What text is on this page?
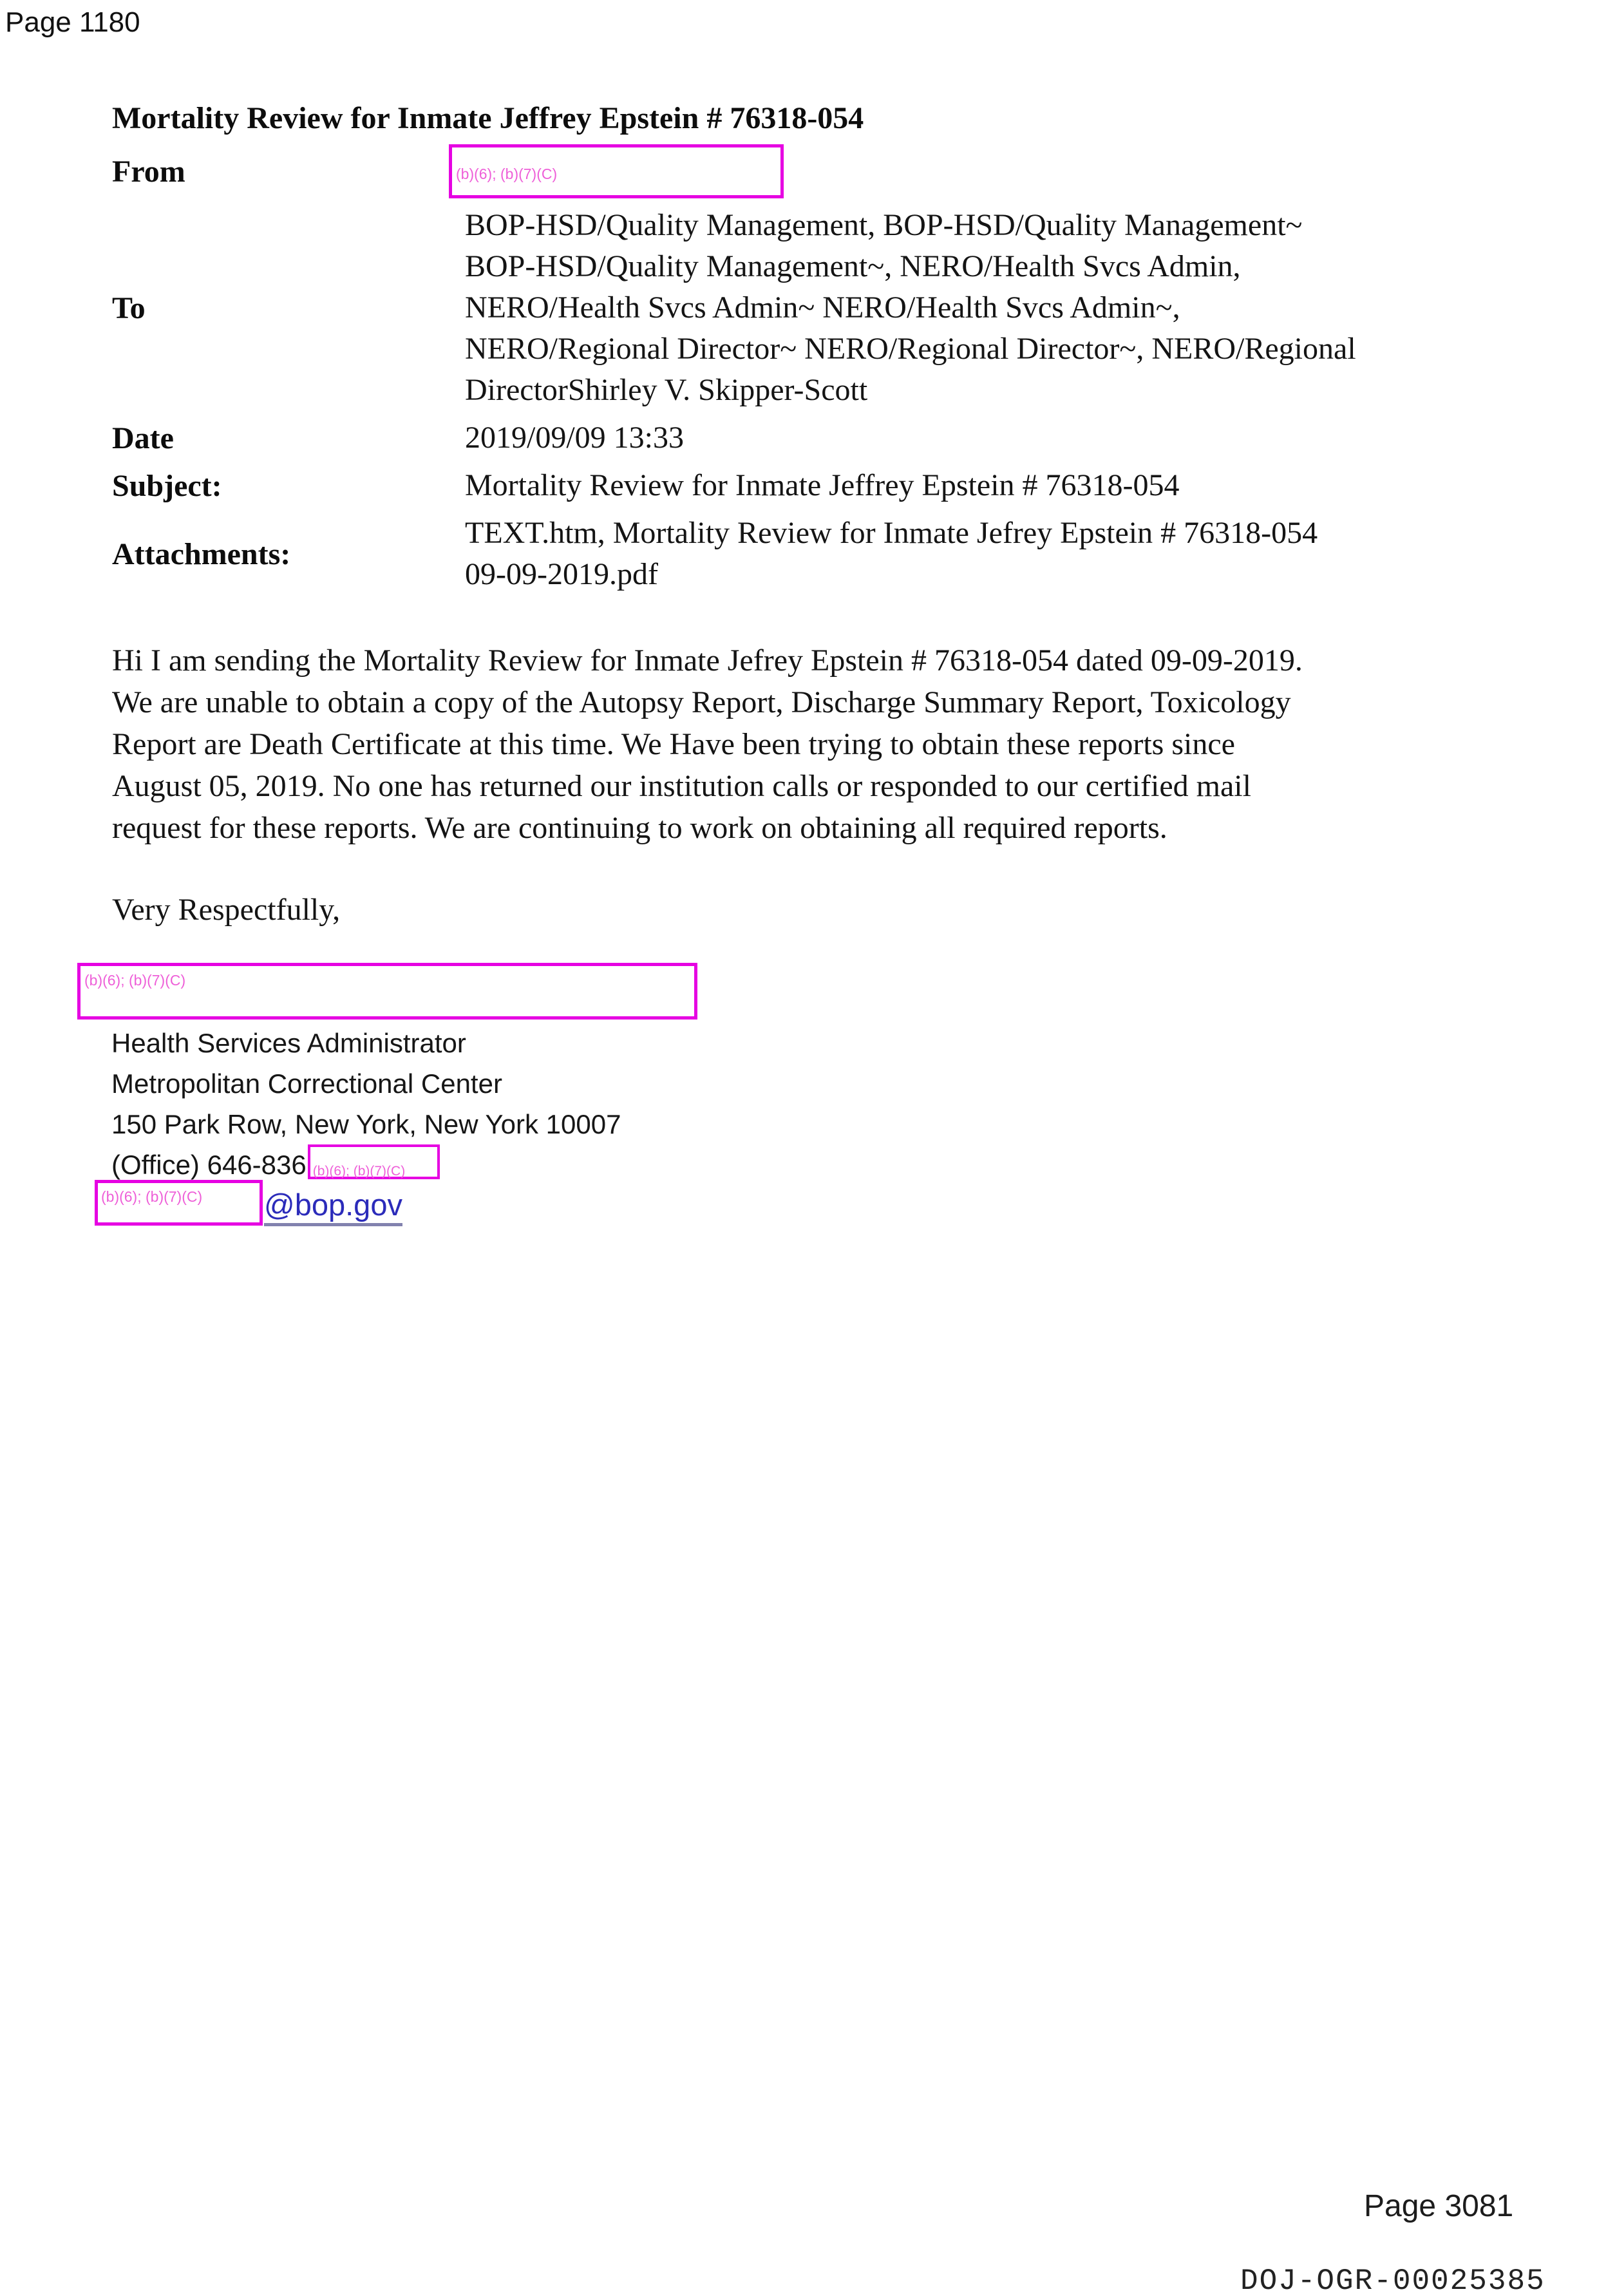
Page 1180
Mortality Review for Inmate Jeffrey Epstein # 76318-054
From	(b)(6); (b)(7)(C)
To
BOP-HSD/Quality Management, BOP-HSD/Quality Management~
BOP-HSD/Quality Management~, NERO/Health Svcs Admin,
NERO/Health Svcs Admin~ NERO/Health Svcs Admin~,
NERO/Regional Director~ NERO/Regional Director~, NERO/Regional
DirectorShirley V. Skipper-Scott
Date	2019/09/09 13:33
Subject:	Mortality Review for Inmate Jeffrey Epstein # 76318-054
Attachments:
TEXT.htm, Mortality Review for Inmate Jefrey Epstein # 76318-054
09-09-2019.pdf
Hi I am sending the Mortality Review for Inmate Jefrey Epstein # 76318-054 dated 09-09-2019.
We are unable to obtain a copy of the Autopsy Report, Discharge Summary Report, Toxicology
Report are Death Certificate at this time. We Have been trying to obtain these reports since
August 05, 2019. No one has returned our institution calls or responded to our certified mail
request for these reports. We are continuing to work on obtaining all required reports.
Very Respectfully,
(b)(6); (b)(7)(C)
Health Services Administrator
Metropolitan Correctional Center
150 Park Row, New York, New York 10007
(Office) 646-836 (b)(6); (b)(7)(C)
(b)(6); (b)(7)(C) @bop.gov
Page 3081
DOJ-OGR-00025385
